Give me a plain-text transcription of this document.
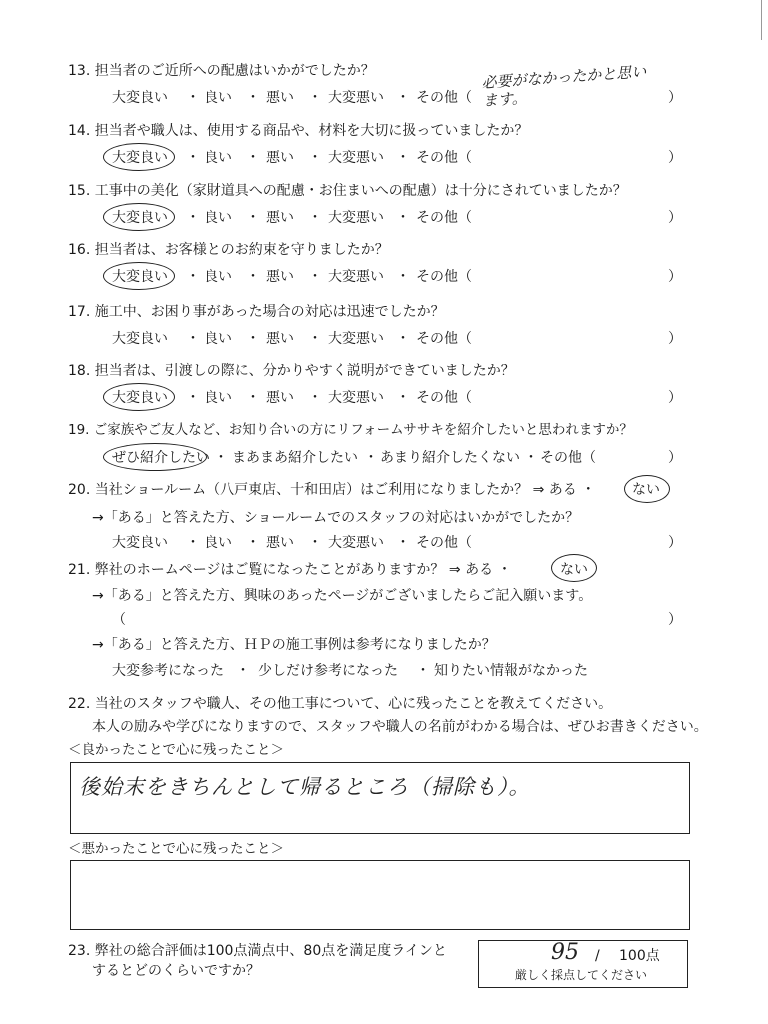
13. 担当者のご近所への配慮はいかがでしたか？
大変良い ・ 良い ・ 悪い ・ 大変悪い ・ その他（	）
必要がなかったかと思います。
14. 担当者や職人は、使用する商品や、材料を大切に扱っていましたか？
大変良い ・ 良い ・ 悪い ・ 大変悪い ・ その他（	）
15. 工事中の美化（家財道具への配慮・お住まいへの配慮）は十分にされていましたか？
大変良い ・ 良い ・ 悪い ・ 大変悪い ・ その他（	）
16. 担当者は、お客様とのお約束を守りましたか？
大変良い ・ 良い ・ 悪い ・ 大変悪い ・ その他（	）
17. 施工中、お困り事があった場合の対応は迅速でしたか？
大変良い ・ 良い ・ 悪い ・ 大変悪い ・ その他（	）
18. 担当者は、引渡しの際に、分かりやすく説明ができていましたか？
大変良い ・ 良い ・ 悪い ・ 大変悪い ・ その他（	）
19. ご家族やご友人など、お知り合いの方にリフォームササキを紹介したいと思われますか？
ぜひ紹介したい ・ まあまあ紹介したい ・ あまり紹介したくない ・ その他（	）
20. 当社ショールーム（八戸東店、十和田店）はご利用になりましたか？ ⇒ ある ・	ない
→「ある」と答えた方、ショールームでのスタッフの対応はいかがでしたか？
大変良い ・ 良い ・ 悪い ・ 大変悪い ・ その他（	）
21. 弊社のホームページはご覧になったことがありますか？ ⇒ ある ・	ない
→「ある」と答えた方、興味のあったページがございましたらご記入願います。
（	）
→「ある」と答えた方、ＨＰの施工事例は参考になりましたか？
大変参考になった ・ 少しだけ参考になった ・ 知りたい情報がなかった
22. 当社のスタッフや職人、その他工事について、心に残ったことを教えてください。
本人の励みや学びになりますので、スタッフや職人の名前がわかる場合は、ぜひお書きください。
＜良かったことで心に残ったこと＞
後始末をきちんとして帰るところ（掃除も）。
＜悪かったことで心に残ったこと＞
23. 弊社の総合評価は100点満点中、80点を満足度ラインと
するとどのくらいですか？
95 / 100点
厳しく採点してください
